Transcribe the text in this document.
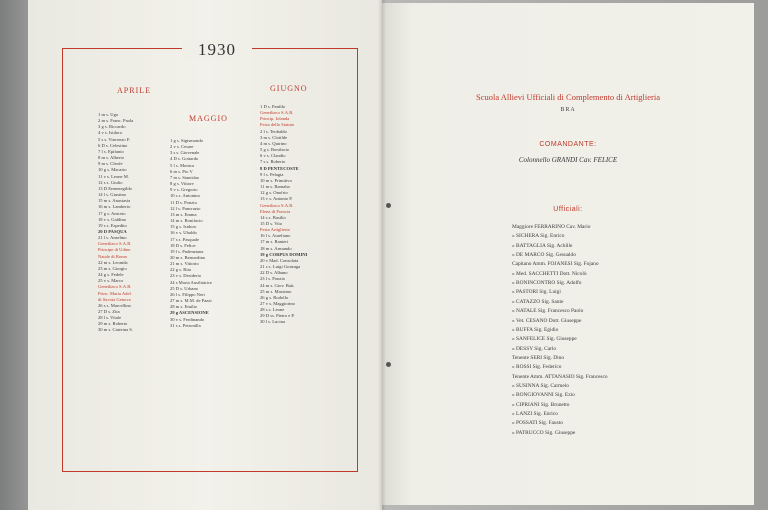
1930
APRILE
MAGGIO
GIUGNO
1 m s. Ugo
2 m s. Franc. Paola
3 g s. Riccardo
4 v s. Isidoro
5 s s. Vincenzo F.
6 D s. Celestino
7 l s. Epifanio
8 m s. Alberto
9 m s. Cleofe
10 g s. Macario
11 v s. Leone M.
12 s s. Giulio
13 D Ermenegildo
14 l s. Giustino
15 m s. Anastasia
16 m s. Lamberto
17 g s. Aniceto
18 v s. Galdino
19 s s. Espedito
20 D PASQUA
21 l s. Anselmo
Genetliaco S.A.R.
Principe di Udine
Natale di Roma
22 m s. Leonida
23 m s. Giorgio
24 g s. Fedele
25 v s. Marco
Genetliaco S.A.R.
Princ. Maria Adel.
di Savoia Genova
26 s s. Marcellino
27 D s. Zita
28 l s. Vitale
29 m s. Roberto
30 m s. Caterina S.
1 g s. Sigismondo
2 v s. Cesare
3 s s. Giovenale
4 D s. Gottardo
5 l s. Monica
6 m s. Pio V
7 m s. Stanislao
8 g s. Vittore
9 v s. Gregorio
10 s s. Antonino
11 D s. Ponzio
12 l s. Pancrazio
13 m s. Emma
14 m s. Bonifacio
15 g s. Isidoro
16 v s. Ubaldo
17 s s. Pasquale
18 D s. Felice
19 l s. Pudenziana
20 m s. Bernardino
21 m s. Vittorio
22 g s. Rita
23 v s. Desiderio
24 s Maria Ausiliatrice
25 D s. Urbano
26 l s. Filippo Neri
27 m s. M.M. de Pazzi
28 m s. Emilio
29 g ASCENSIONE
30 v s. Ferdinando
31 s s. Petronilla
1 D s. Panfilo
Genetliaco S.A.R.
Princip. Iolanda
Festa dello Statuto
2 l s. Teobaldo
3 m s. Clotilde
4 m s. Quirino
5 g s. Bonifacio
6 v s. Claudio
7 s s. Roberto
8 D PENTECOSTE
9 l s. Pelagia
10 m s. Primitivo
11 m s. Barnaba
12 g s. Onofrio
13 v s. Antonio P.
Genetliaco S.A.R.
Elena di Francia
14 s s. Basilio
15 D s. Vito
Festa Artiglieria
16 l s. Aureliano
17 m s. Ranieri
18 m s. Armando
19 g CORPUS DOMINI
20 v Mad. Consolata
21 s s. Luigi Gonzaga
22 D s. Albano
23 l s. Ponzio
24 m s. Giov. Batt.
25 m s. Massimo
26 g s. Rodolfo
27 v s. Maggiorino
28 s s. Leone
29 D ss. Pietro e P.
30 l s. Lucina
Scuola Allievi Ufficiali di Complemento di Artiglieria
BRA
COMANDANTE:
Colonnello GRANDI Cav. FELICE
Ufficiali:
Maggiore FERRARINO Cav. Mario
» SICHERA Sig. Enrico
» BATTAGLIA Sig. Achille
» DE MARCO Sig. Gesualdo
Capitano Amm. FOJANESI Sig. Fojano
» Med. SACCHETTI Dott. Nicolò
» BONINCONTRO Sig. Adolfo
» PASTORI Sig. Luigi
» CATAZZO Sig. Sante
» NATALE Sig. Francesco Paolo
» Vet. CESANO Dott. Giuseppe
» BUFFA Sig. Egidio
» SANFELICE Sig. Giuseppe
» DESSY Sig. Carlo
Tenente SERI Sig. Dino
» ROSSI Sig. Federico
Tenente Amm. ATTANASIO Sig. Francesco
» SUSINNA Sig. Carmelo
» BONGIOVANNI Sig. Ezio
» CIPRIANI Sig. Brunetto
» LANZI Sig. Enrico
» POSSATI Sig. Fausto
» PATRUCCO Sig. Giuseppe
